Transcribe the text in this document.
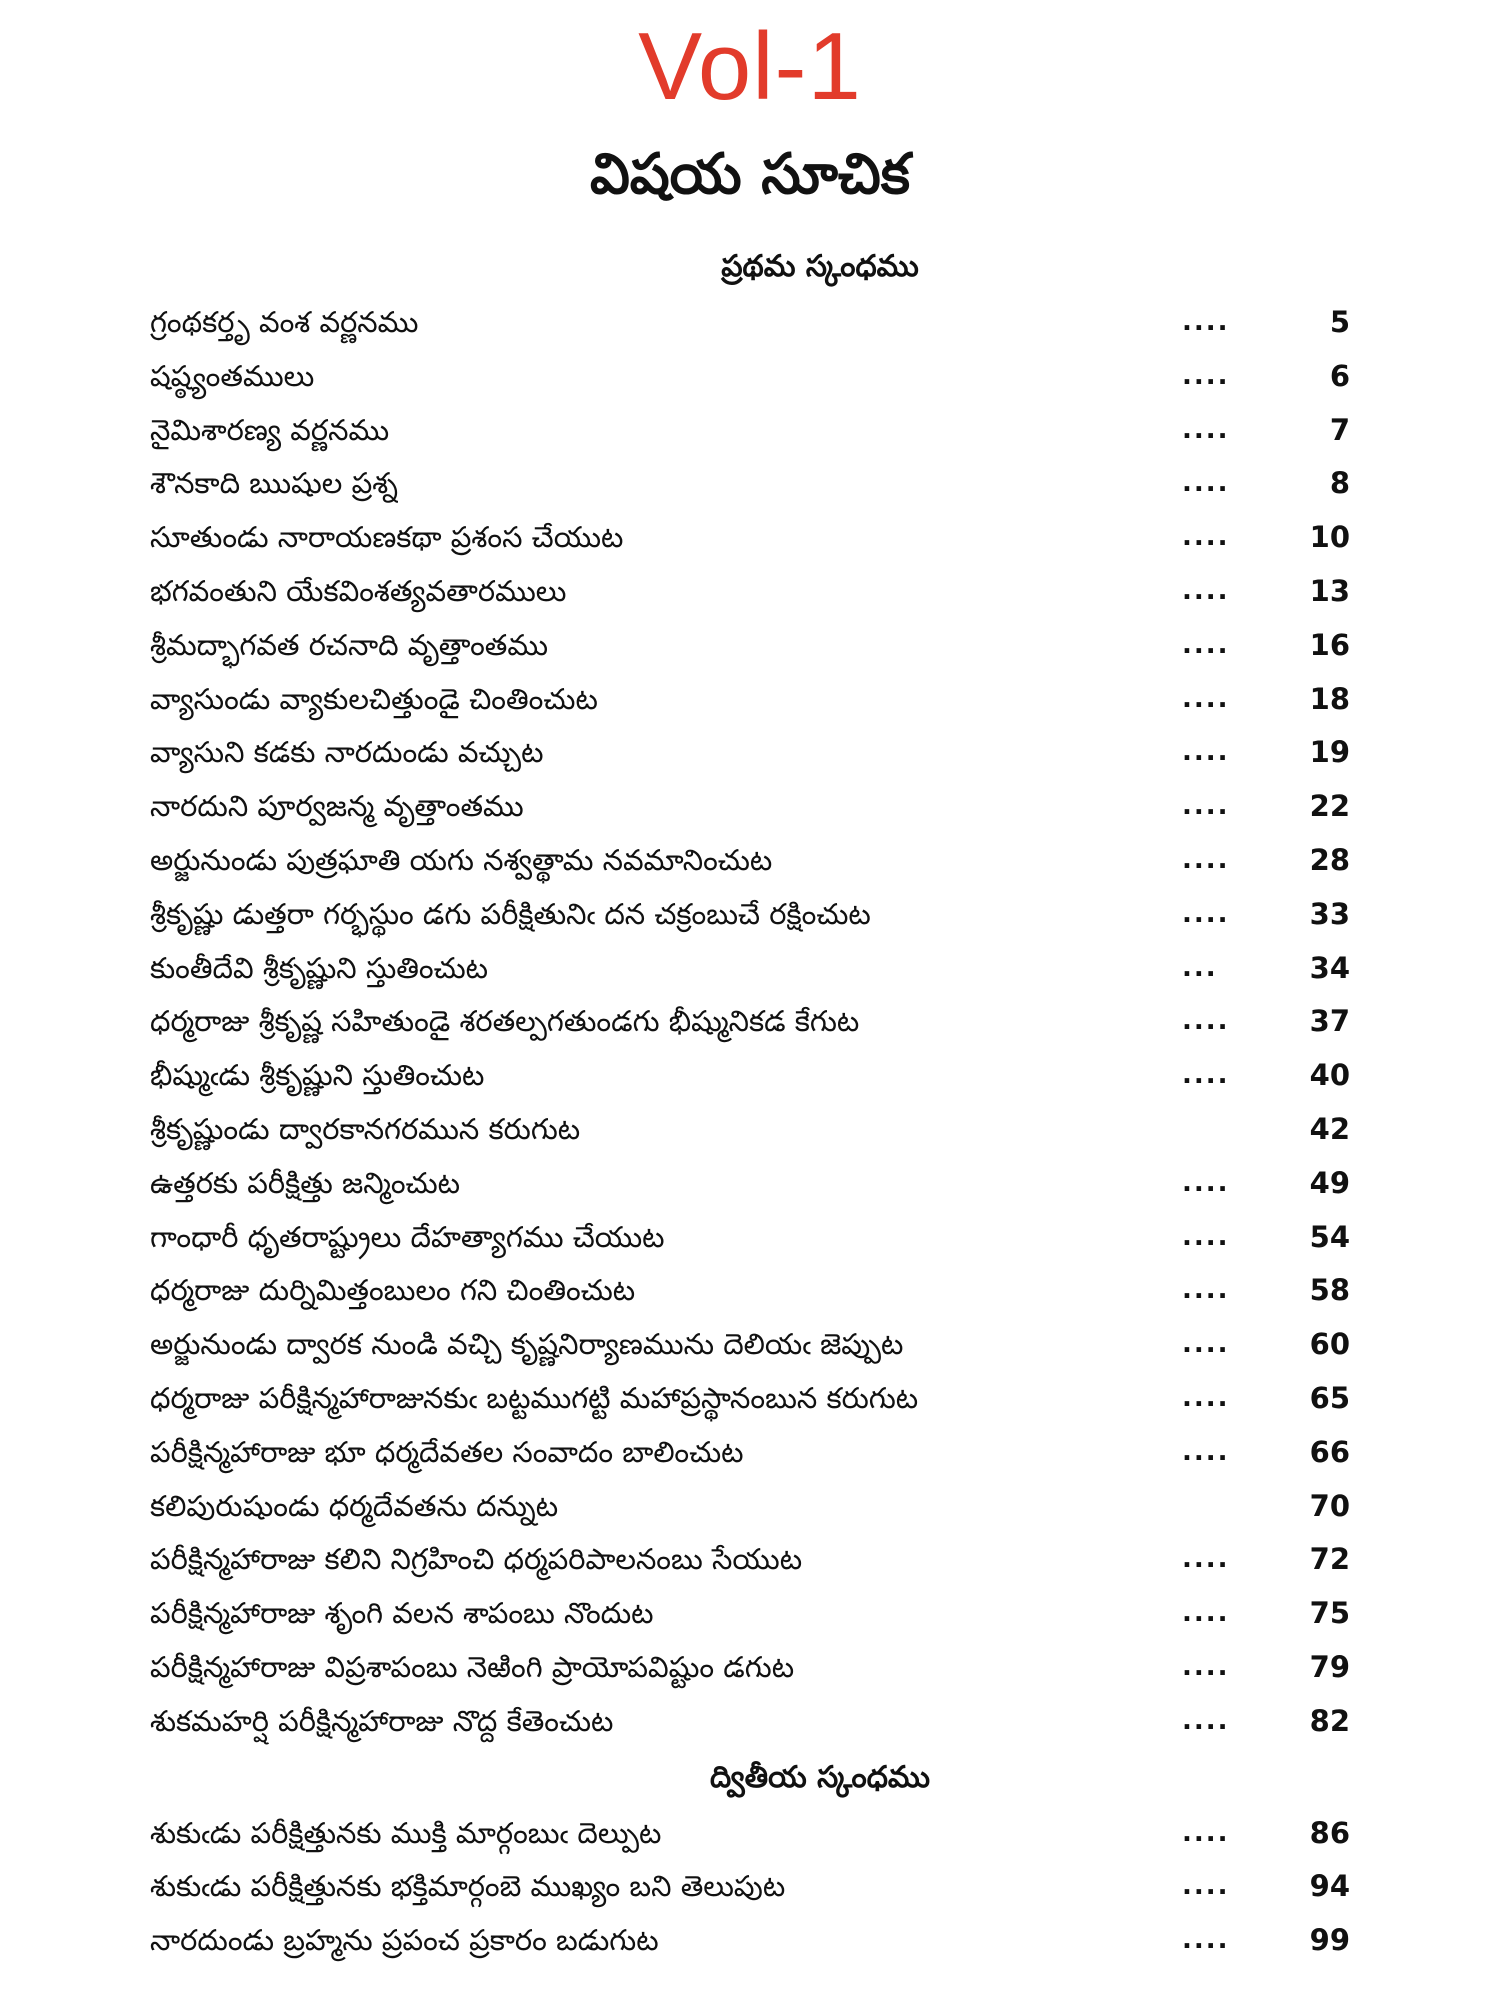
Vol-1
విషయ సూచిక
ప్రథమ స్కంధము
గ్రంథకర్తృ వంశ వర్ణనము	....	5
షష్ఠ్యంతములు	....	6
నైమిశారణ్య వర్ణనము	....	7
శౌనకాది ఋషుల ప్రశ్న	....	8
సూతుండు నారాయణకథా ప్రశంస చేయుట	....	10
భగవంతుని యేకవింశత్యవతారములు	....	13
శ్రీమద్భాగవత రచనాది వృత్తాంతము	....	16
వ్యాసుండు వ్యాకులచిత్తుండై చింతించుట	....	18
వ్యాసుని కడకు నారదుండు వచ్చుట	....	19
నారదుని పూర్వజన్మ వృత్తాంతము	....	22
అర్జునుండు పుత్రఘాతి యగు నశ్వత్థామ నవమానించుట	....	28
శ్రీకృష్ణు డుత్తరా గర్భస్థుం డగు పరీక్షితునిఁ దన చక్రంబుచే రక్షించుట	....	33
కుంతీదేవి శ్రీకృష్ణుని స్తుతించుట	...	34
ధర్మరాజు శ్రీకృష్ణ సహితుండై శరతల్పగతుండగు భీష్మునికడ కేగుట	....	37
భీష్ముఁడు శ్రీకృష్ణుని స్తుతించుట	....	40
శ్రీకృష్ణుండు ద్వారకానగరమున కరుగుట	42
ఉత్తరకు పరీక్షిత్తు జన్మించుట	....	49
గాంధారీ ధృతరాష్ట్రులు దేహత్యాగము చేయుట	....	54
ధర్మరాజు దుర్నిమిత్తంబులం గని చింతించుట	....	58
అర్జునుండు ద్వారక నుండి వచ్చి కృష్ణనిర్యాణమును దెలియఁ జెప్పుట	....	60
ధర్మరాజు పరీక్షిన్మహారాజునకుఁ బట్టముగట్టి మహాప్రస్థానంబున కరుగుట	....	65
పరీక్షిన్మహారాజు భూ ధర్మదేవతల సంవాదం బాలించుట	....	66
కలిపురుషుండు ధర్మదేవతను దన్నుట	70
పరీక్షిన్మహారాజు కలిని నిగ్రహించి ధర్మపరిపాలనంబు సేయుట	....	72
పరీక్షిన్మహారాజు శృంగి వలన శాపంబు నొందుట	....	75
పరీక్షిన్మహారాజు విప్రశాపంబు నెఱింగి ప్రాయోపవిష్టుం డగుట	....	79
శుకమహర్షి పరీక్షిన్మహారాజు నొద్ద కేతెంచుట	....	82
ద్వితీయ స్కంధము
శుకుఁడు పరీక్షిత్తునకు ముక్తి మార్గంబుఁ దెల్పుట	....	86
శుకుఁడు పరీక్షిత్తునకు భక్తిమార్గంబె ముఖ్యం బని తెలుపుట	....	94
నారదుండు బ్రహ్మను ప్రపంచ ప్రకారం బడుగుట	....	99
